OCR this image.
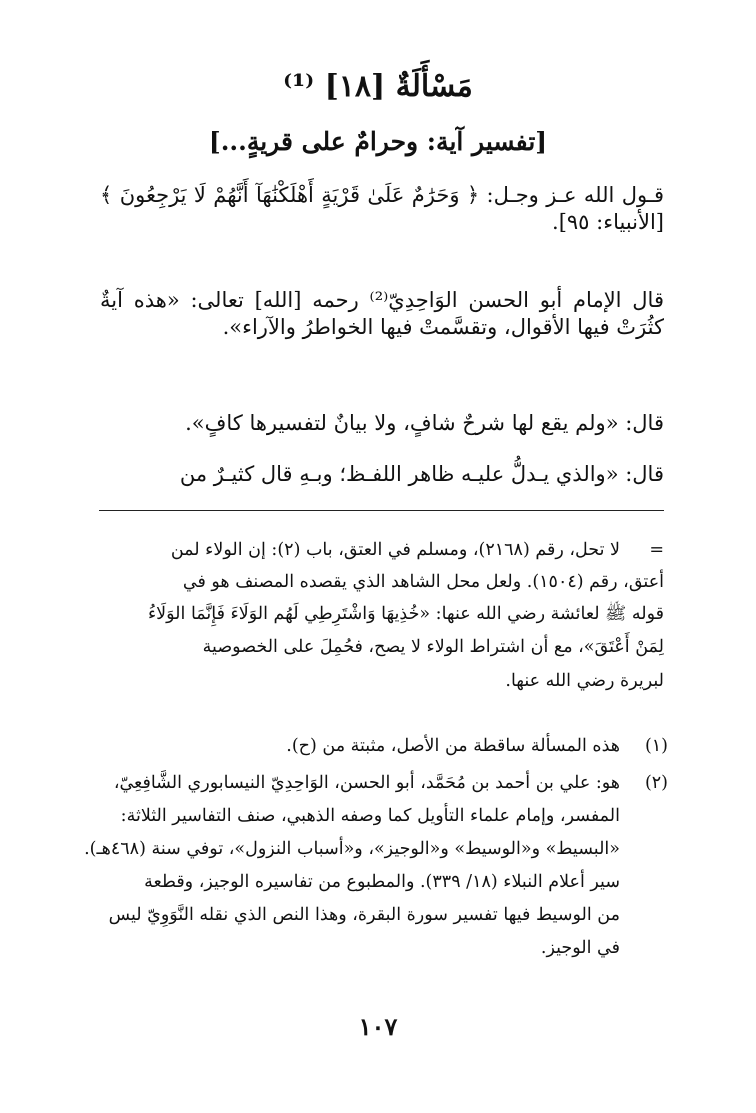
مَسْأَلَةٌ [١٨] ⁽¹⁾
[تفسير آية: وحرامٌ على قريةٍ...]
قـول الله عـز وجـل: ﴿ وَحَرَٰمٌ عَلَىٰ قَرْيَةٍ أَهْلَكْنَٰهَآ أَنَّهُمْ لَا يَرْجِعُونَ ﴾[الأنبياء: ٩٥].
قال الإمام أبو الحسن الوَاحِدِيّ⁽²⁾ رحمه [الله] تعالى: «هذه آيةٌ كثُرَتْ فيها الأقوال، وتقسَّمتْ فيها الخواطرُ والآراء».
قال: «ولم يقع لها شرحٌ شافٍ، ولا بيانٌ لتفسيرها كافٍ».
قال: «والذي يـدلُّ عليـه ظاهر اللفـظ؛ وبـهِ قال كثيـرٌ من
=
لا تحل، رقم (٢١٦٨)، ومسلم في العتق، باب (٢): إن الولاء لمن
أعتق، رقم (١٥٠٤). ولعل محل الشاهد الذي يقصده المصنف هو في
قوله ﷺ لعائشة رضي الله عنها: «خُذِيهَا وَاشْتَرِطِي لَهُم الوَلَاءَ فَإِنَّمَا الوَلَاءُ
لِمَنْ أَعْتَقَ»، مع أن اشتراط الولاء لا يصح، فحُمِلَ على الخصوصية
لبريرة رضي الله عنها.
(١)
هذه المسألة ساقطة من الأصل، مثبتة من (ح).
(٢)
هو: علي بن أحمد بن مُحَمَّد، أبو الحسن، الوَاحِدِيّ النيسابوري الشَّافِعِيّ،
المفسر، وإمام علماء التأويل كما وصفه الذهبي، صنف التفاسير الثلاثة:
«البسيط» و«الوسيط» و«الوجيز»، و«أسباب النزول»، توفي سنة (٤٦٨هـ).
سير أعلام النبلاء (١٨/ ٣٣٩). والمطبوع من تفاسيره الوجيز، وقطعة
من الوسيط فيها تفسير سورة البقرة، وهذا النص الذي نقله النَّوَوِيّ ليس
في الوجيز.
١٠٧
